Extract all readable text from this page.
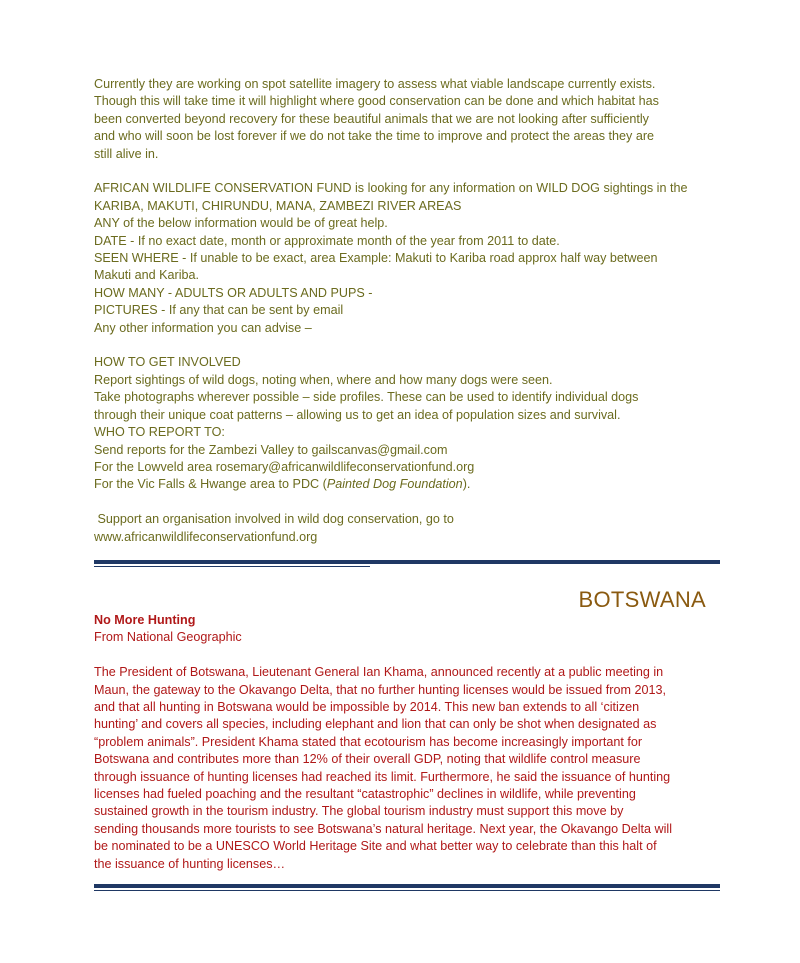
Currently they are working on spot satellite imagery to assess what viable landscape currently exists.
Though this will take time it will highlight where good conservation can be done and which habitat has
been converted beyond recovery for these beautiful animals that we are not looking after sufficiently
and who will soon be lost forever if we do not take the time to improve and protect the areas they are
still alive in.
AFRICAN WILDLIFE CONSERVATION FUND is looking for any information on WILD DOG sightings in the
KARIBA, MAKUTI, CHIRUNDU, MANA, ZAMBEZI RIVER AREAS
ANY of the below information would be of great help.
DATE - If no exact date, month or approximate month of the year from 2011 to date.
SEEN WHERE - If unable to be exact, area Example: Makuti to Kariba road approx half way between
Makuti and Kariba.
HOW MANY - ADULTS OR ADULTS AND PUPS -
PICTURES - If any that can be sent by email
Any other information you can advise –
HOW TO GET INVOLVED
Report sightings of wild dogs, noting when, where and how many dogs were seen.
Take photographs wherever possible – side profiles. These can be used to identify individual dogs
through their unique coat patterns – allowing us to get an idea of population sizes and survival.
WHO TO REPORT TO:
Send reports for the Zambezi Valley to gailscanvas@gmail.com
For the Lowveld area rosemary@africanwildlifeconservationfund.org
For the Vic Falls & Hwange area to PDC (Painted Dog Foundation).
Support an organisation involved in wild dog conservation, go to
www.africanwildlifeconservationfund.org
BOTSWANA
No More Hunting
From National Geographic
The President of Botswana, Lieutenant General Ian Khama, announced recently at a public meeting in
Maun, the gateway to the Okavango Delta, that no further hunting licenses would be issued from 2013,
and that all hunting in Botswana would be impossible by 2014. This new ban extends to all ‘citizen
hunting’ and covers all species, including elephant and lion that can only be shot when designated as
“problem animals”. President Khama stated that ecotourism has become increasingly important for
Botswana and contributes more than 12% of their overall GDP, noting that wildlife control measure
through issuance of hunting licenses had reached its limit. Furthermore, he said the issuance of hunting
licenses had fueled poaching and the resultant “catastrophic” declines in wildlife, while preventing
sustained growth in the tourism industry. The global tourism industry must support this move by
sending thousands more tourists to see Botswana’s natural heritage. Next year, the Okavango Delta will
be nominated to be a UNESCO World Heritage Site and what better way to celebrate than this halt of
the issuance of hunting licenses…
